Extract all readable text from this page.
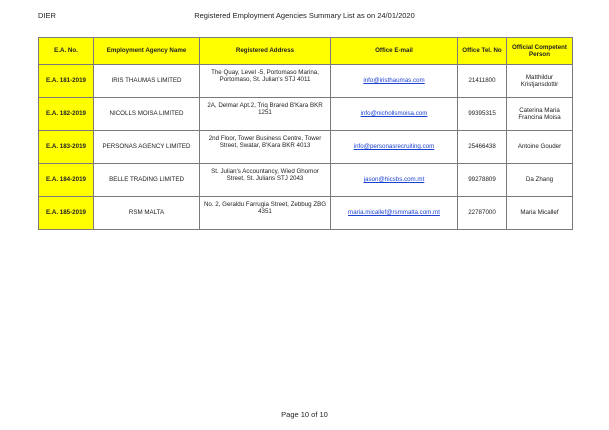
DIER	Registered Employment Agencies Summary List as on 24/01/2020
E.A. No.	Employment Agency Name	Registered Address	Office E-mail	Office Tel. No	Official Competent Person
E.A. 181-2019	IRIS THAUMAS LIMITED	The Quay, Level -5, Portomaso Marina, Portomaso, St. Julian's STJ 4011	info@iristhaumas.com	21411800	Matthildur Kristjansdottir
E.A. 182-2019	NICOLLS MOISA LIMITED	2A, Delmar Apt.2, Triq Brared B'Kara BKR 1251	info@nichollsmoisa.com	99395315	Caterina Maria Francina Moisa
E.A. 183-2019	PERSONAS AGENCY LIMITED	2nd Floor, Tower Business Centre, Tower Street, Swatar, B'Kara BKR 4013	info@personasrecruiting.com	25466438	Antoine Gouder
E.A. 184-2019	BELLE TRADING LIMITED	St. Julian's Accountancy, Wied Ghomor Street, St. Julians STJ 2043	jason@hicsbs.com.mt	99278809	Da Zhang
E.A. 185-2019	RSM MALTA	No. 2, Geraldu Farrugia Street, Zebbug ZBG 4351	maria.micallef@rsmmalta.com.mt	22787000	Maria Micallef
Page 10 of 10
